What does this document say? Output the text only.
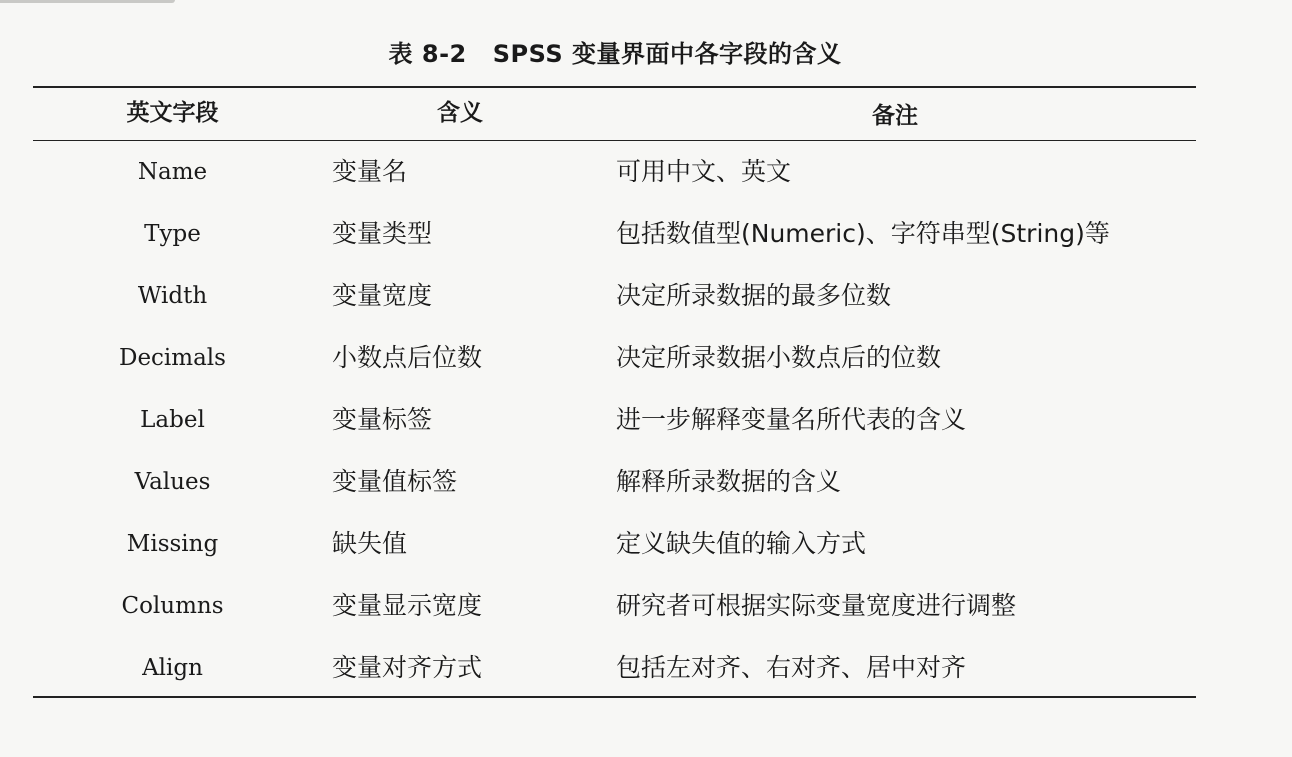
表 8-2 SPSS 变量界面中各字段的含义
英文字段	含义	备注
Name	变量名	可用中文、英文
Type	变量类型	包括数值型(Numeric)、字符串型(String)等
Width	变量宽度	决定所录数据的最多位数
Decimals	小数点后位数	决定所录数据小数点后的位数
Label	变量标签	进一步解释变量名所代表的含义
Values	变量值标签	解释所录数据的含义
Missing	缺失值	定义缺失值的输入方式
Columns	变量显示宽度	研究者可根据实际变量宽度进行调整
Align	变量对齐方式	包括左对齐、右对齐、居中对齐
